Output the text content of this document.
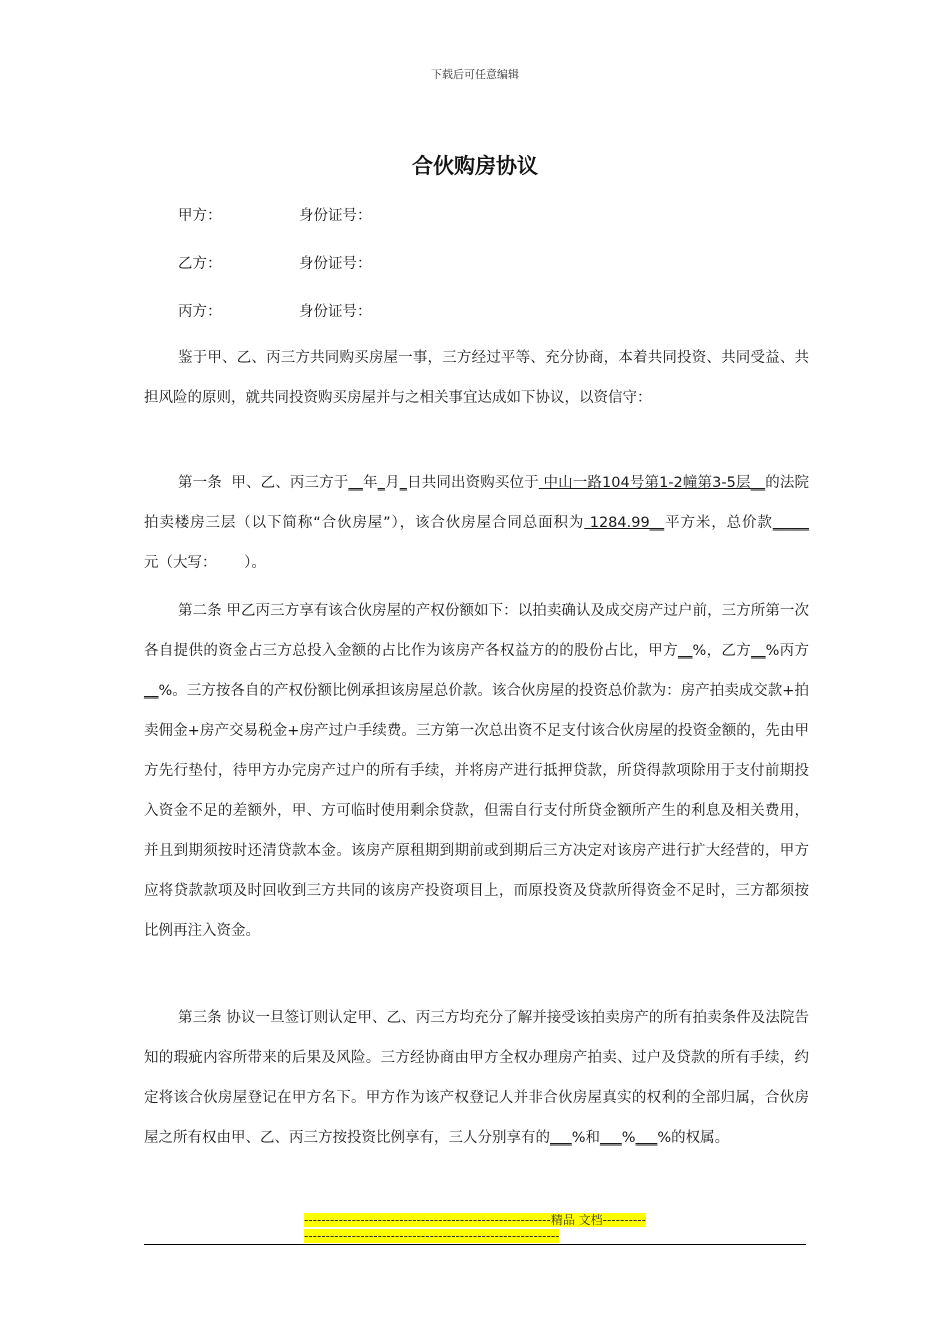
下载后可任意编辑
合伙购房协议
甲方：	身份证号：
乙方：	身份证号：
丙方：	身份证号：
鉴于甲、乙、丙三方共同购买房屋一事，三方经过平等、充分协商，本着共同投资、共同受益、共担风险的原则，就共同投资购买房屋并与之相关事宜达成如下协议，以资信守：
第一条  甲、乙、丙三方于__年_月_日共同出资购买位于 中山一路104号第1-2幢第3-5层__的法院拍卖楼房三层（以下简称“合伙房屋”），该合伙房屋合同总面积为 1284.99__平方米，总价款_____元（大写：      ）。
第二条 甲乙丙三方享有该合伙房屋的产权份额如下：以拍卖确认及成交房产过户前，三方所第一次各自提供的资金占三方总投入金额的占比作为该房产各权益方的的股份占比，甲方__%，乙方__%丙方__%。三方按各自的产权份额比例承担该房屋总价款。该合伙房屋的投资总价款为：房产拍卖成交款+拍卖佣金+房产交易税金+房产过户手续费。三方第一次总出资不足支付该合伙房屋的投资金额的，先由甲方先行垫付，待甲方办完房产过户的所有手续，并将房产进行抵押贷款，所贷得款项除用于支付前期投入资金不足的差额外，甲、方可临时使用剩余贷款，但需自行支付所贷金额所产生的利息及相关费用，并且到期须按时还清贷款本金。该房产原租期到期前或到期后三方决定对该房产进行扩大经营的，甲方应将贷款款项及时回收到三方共同的该房产投资项目上，而原投资及贷款所得资金不足时，三方都须按比例再注入资金。
第三条 协议一旦签订则认定甲、乙、丙三方均充分了解并接受该拍卖房产的所有拍卖条件及法院告知的瑕疵内容所带来的后果及风险。三方经协商由甲方全权办理房产拍卖、过户及贷款的所有手续，约定将该合伙房屋登记在甲方名下。甲方作为该产权登记人并非合伙房屋真实的权利的全部归属，合伙房屋之所有权由甲、乙、丙三方按投资比例享有，三人分别享有的___%和___%___%的权属。
---------------------------------------------------------精品 文档---------------------------------------------------------------------
